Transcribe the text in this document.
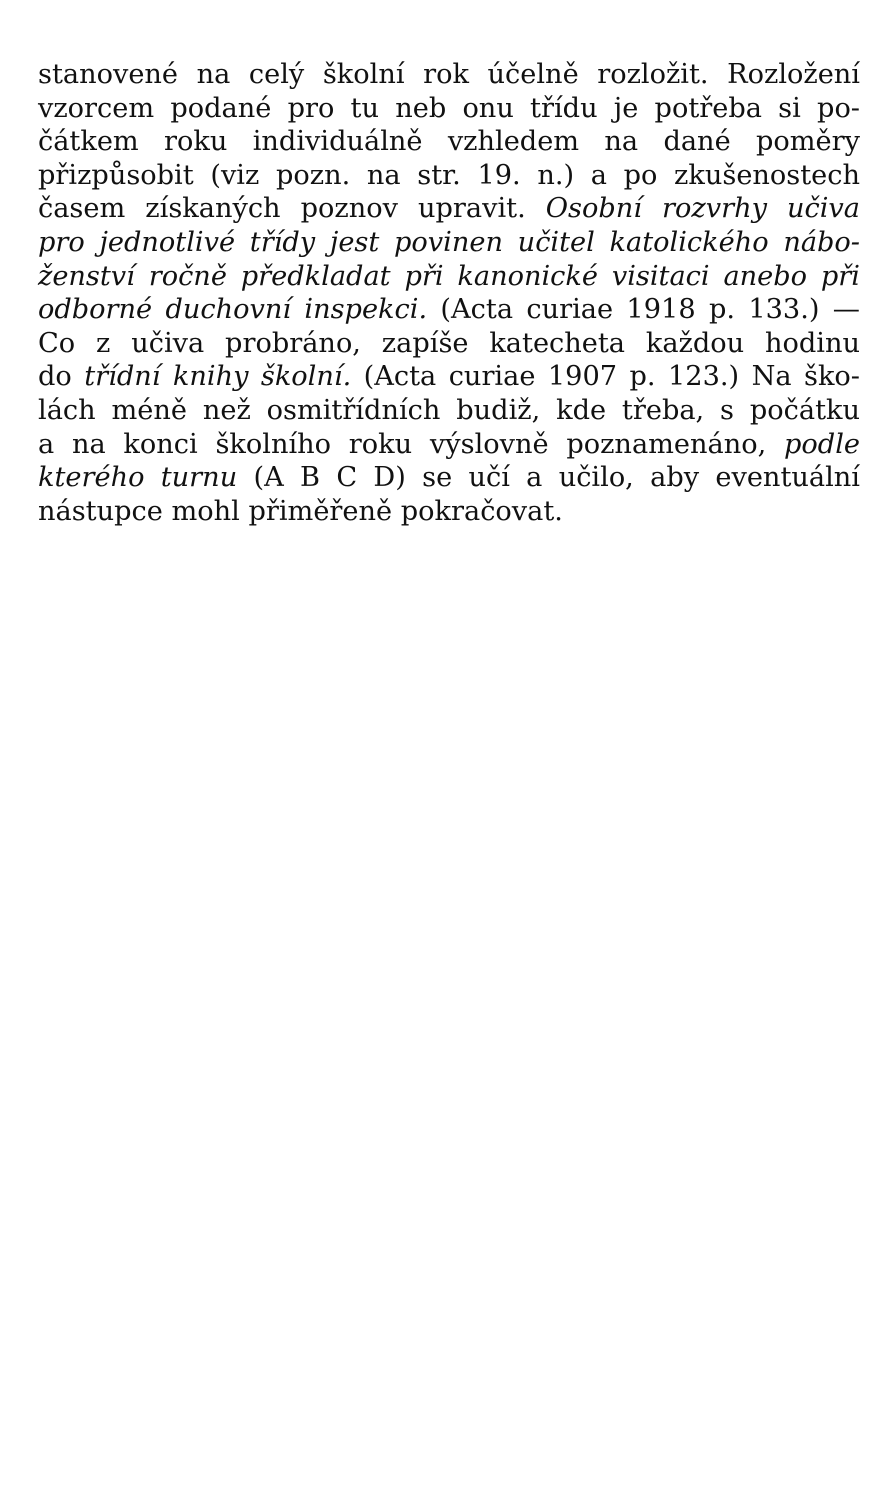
stanovené na celý školní rok účelně rozložit. Rozložení
vzorcem podané pro tu neb onu třídu je potřeba si po-
čátkem roku individuálně vzhledem na dané poměry
přizpůsobit (viz pozn. na str. 19. n.) a po zkušenostech
časem získaných poznov upravit. Osobní rozvrhy učiva
pro jednotlivé třídy jest povinen učitel katolického nábo-
ženství ročně předkladat při kanonické visitaci anebo při
odborné duchovní inspekci. (Acta curiae 1918 p. 133.) —
Co z učiva probráno, zapíše katecheta každou hodinu
do třídní knihy školní. (Acta curiae 1907 p. 123.) Na ško-
lách méně než osmitřídních budiž, kde třeba, s počátku
a na konci školního roku výslovně poznamenáno, podle
kterého turnu (A B C D) se učí a učilo, aby eventuální
nástupce mohl přiměřeně pokračovat.
